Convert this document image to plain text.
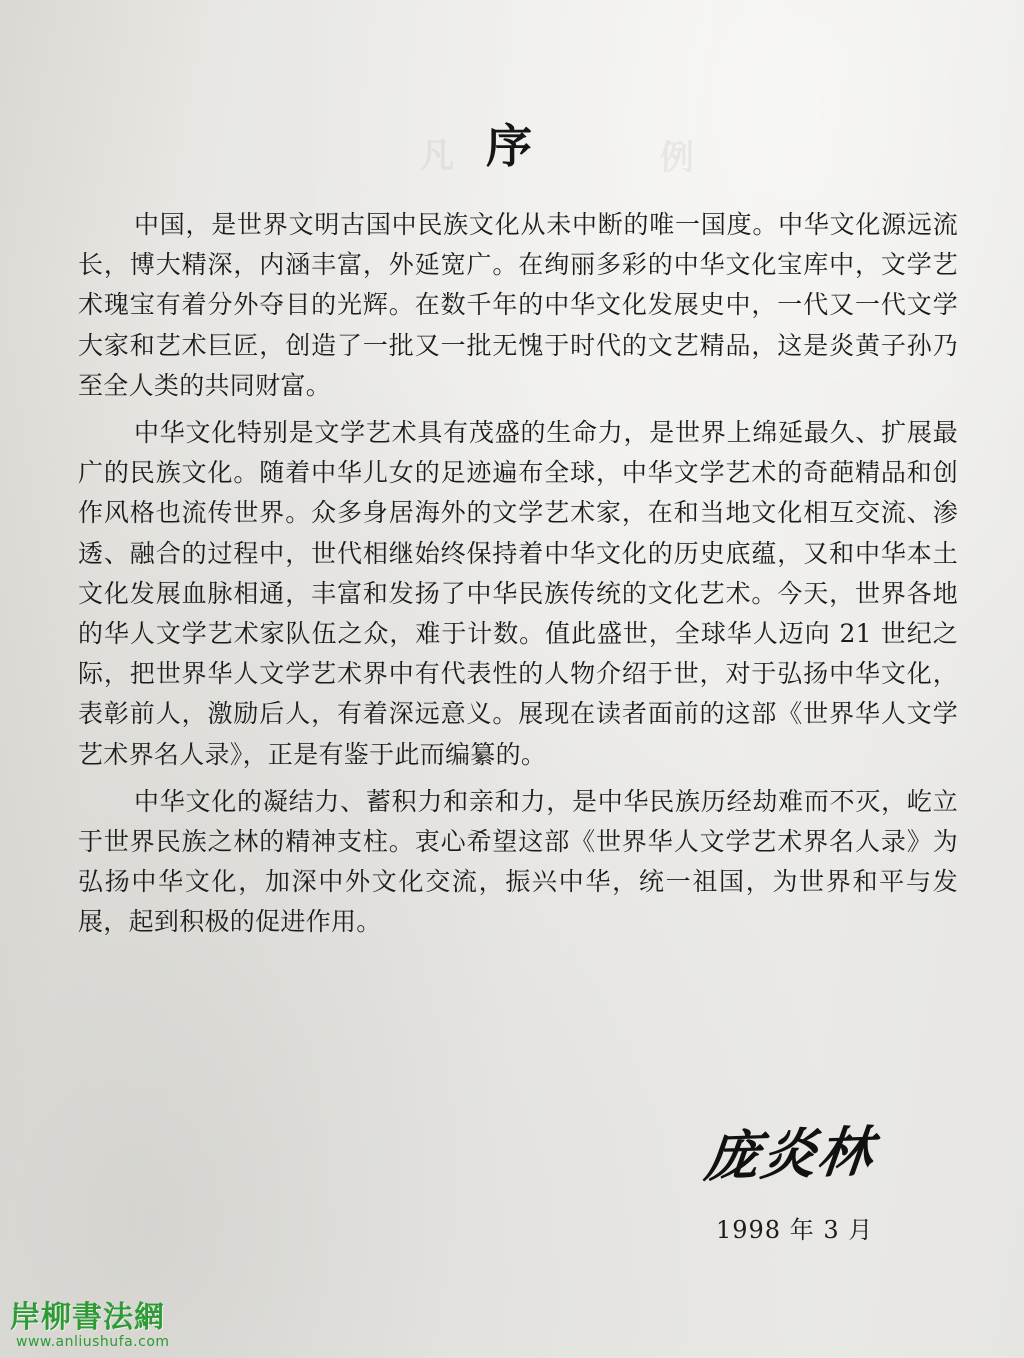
凡	例
序

中国，是世界文明古国中民族文化从未中断的唯一国度。中华文化源远流长，博大精深，内涵丰富，外延宽广。在绚丽多彩的中华文化宝库中，文学艺术瑰宝有着分外夺目的光辉。在数千年的中华文化发展史中，一代又一代文学大家和艺术巨匠，创造了一批又一批无愧于时代的文艺精品，这是炎黄子孙乃至全人类的共同财富。

中华文化特别是文学艺术具有茂盛的生命力，是世界上绵延最久、扩展最广的民族文化。随着中华儿女的足迹遍布全球，中华文学艺术的奇葩精品和创作风格也流传世界。众多身居海外的文学艺术家，在和当地文化相互交流、渗透、融合的过程中，世代相继始终保持着中华文化的历史底蕴，又和中华本土文化发展血脉相通，丰富和发扬了中华民族传统的文化艺术。今天，世界各地的华人文学艺术家队伍之众，难于计数。值此盛世，全球华人迈向 21 世纪之际，把世界华人文学艺术界中有代表性的人物介绍于世，对于弘扬中华文化，表彰前人，激励后人，有着深远意义。展现在读者面前的这部《世界华人文学艺术界名人录》，正是有鉴于此而编纂的。

中华文化的凝结力、蓄积力和亲和力，是中华民族历经劫难而不灭，屹立于世界民族之林的精神支柱。衷心希望这部《世界华人文学艺术界名人录》为弘扬中华文化，加深中外文化交流，振兴中华，统一祖国，为世界和平与发展，起到积极的促进作用。

庞炎林
1998 年 3 月
岸柳書法網
www.anliushufa.com
